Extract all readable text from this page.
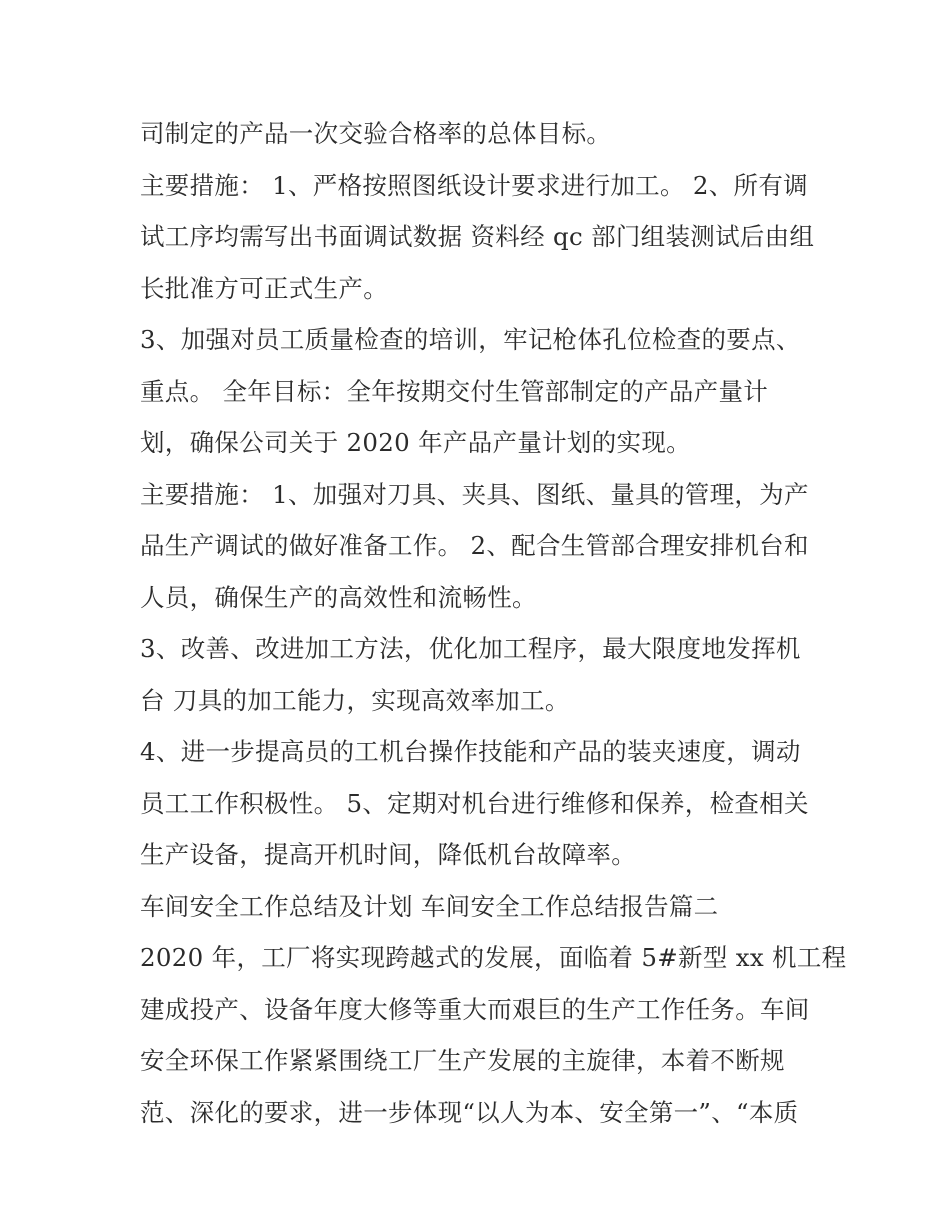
司制定的产品一次交验合格率的总体目标。
主要措施： 1、严格按照图纸设计要求进行加工。 2、所有调
试工序均需写出书面调试数据 资料经 qc 部门组装测试后由组
长批准方可正式生产。
3、加强对员工质量检查的培训，牢记枪体孔位检查的要点、
重点。 全年目标：全年按期交付生管部制定的产品产量计
划，确保公司关于 2020 年产品产量计划的实现。
主要措施： 1、加强对刀具、夹具、图纸、量具的管理，为产
品生产调试的做好准备工作。 2、配合生管部合理安排机台和
人员，确保生产的高效性和流畅性。
3、改善、改进加工方法，优化加工程序，最大限度地发挥机
台 刀具的加工能力，实现高效率加工。
4、进一步提高员的工机台操作技能和产品的装夹速度，调动
员工工作积极性。 5、定期对机台进行维修和保养，检查相关
生产设备，提高开机时间，降低机台故障率。
车间安全工作总结及计划 车间安全工作总结报告篇二
2020 年，工厂将实现跨越式的发展，面临着 5#新型 xx 机工程
建成投产、设备年度大修等重大而艰巨的生产工作任务。车间
安全环保工作紧紧围绕工厂生产发展的主旋律，本着不断规
范、深化的要求，进一步体现“以人为本、安全第一”、“本质
